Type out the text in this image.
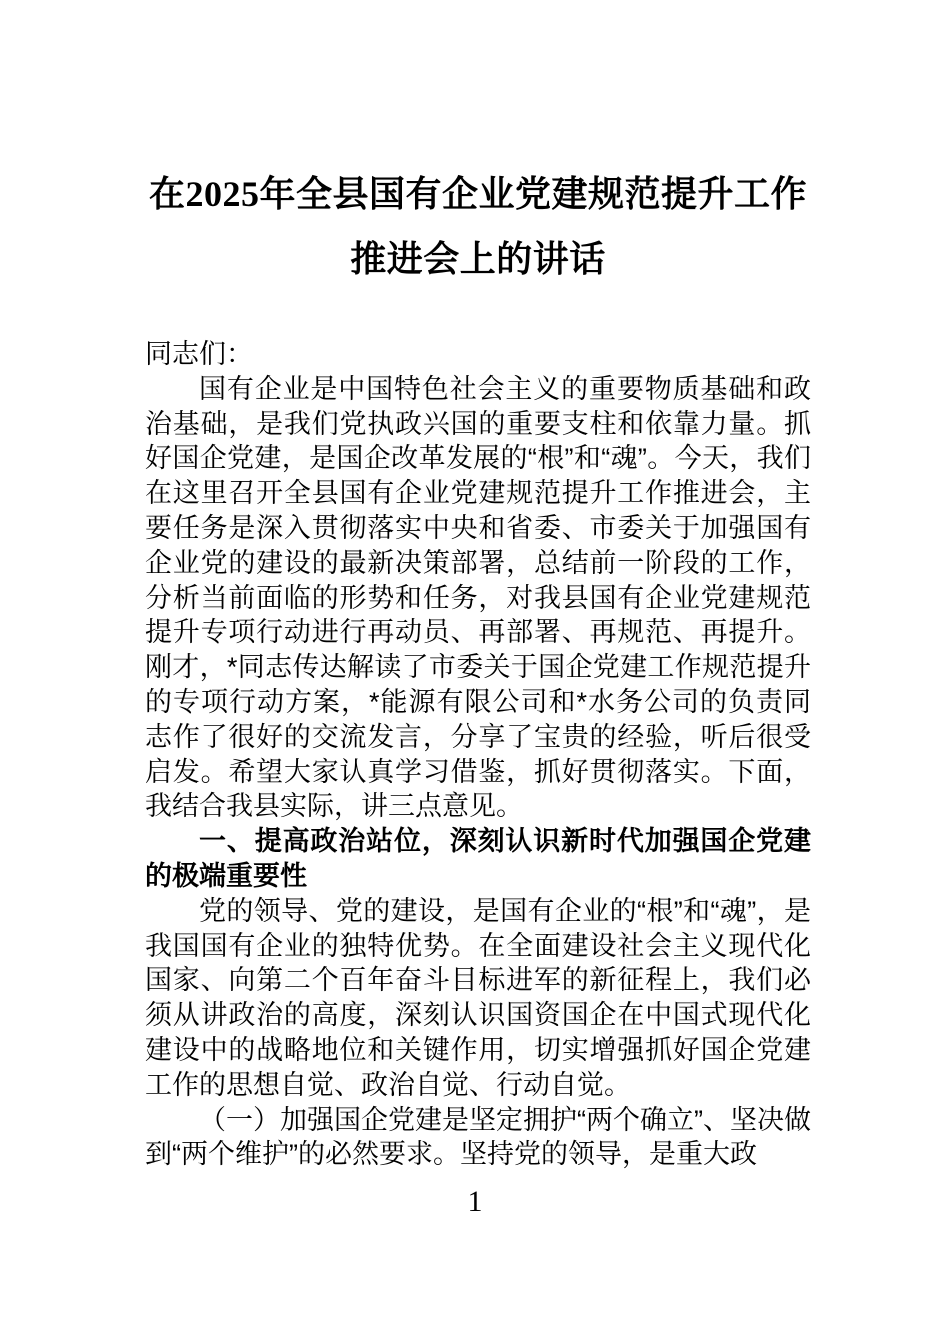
在2025年全县国有企业党建规范提升工作
推进会上的讲话

同志们：

国有企业是中国特色社会主义的重要物质基础和政治基础，是我们党执政兴国的重要支柱和依靠力量。抓好国企党建，是国企改革发展的“根”和“魂”。今天，我们在这里召开全县国有企业党建规范提升工作推进会，主要任务是深入贯彻落实中央和省委、市委关于加强国有企业党的建设的最新决策部署，总结前一阶段的工作，分析当前面临的形势和任务，对我县国有企业党建规范提升专项行动进行再动员、再部署、再规范、再提升。刚才，*同志传达解读了市委关于国企党建工作规范提升的专项行动方案，*能源有限公司和*水务公司的负责同志作了很好的交流发言，分享了宝贵的经验，听后很受启发。希望大家认真学习借鉴，抓好贯彻落实。下面，我结合我县实际，讲三点意见。

一、提高政治站位，深刻认识新时代加强国企党建的极端重要性

党的领导、党的建设，是国有企业的“根”和“魂”，是我国国有企业的独特优势。在全面建设社会主义现代化国家、向第二个百年奋斗目标进军的新征程上，我们必须从讲政治的高度，深刻认识国资国企在中国式现代化建设中的战略地位和关键作用，切实增强抓好国企党建工作的思想自觉、政治自觉、行动自觉。

（一）加强国企党建是坚定拥护“两个确立”、坚决做到“两个维护”的必然要求。坚持党的领导，是重大政

1
